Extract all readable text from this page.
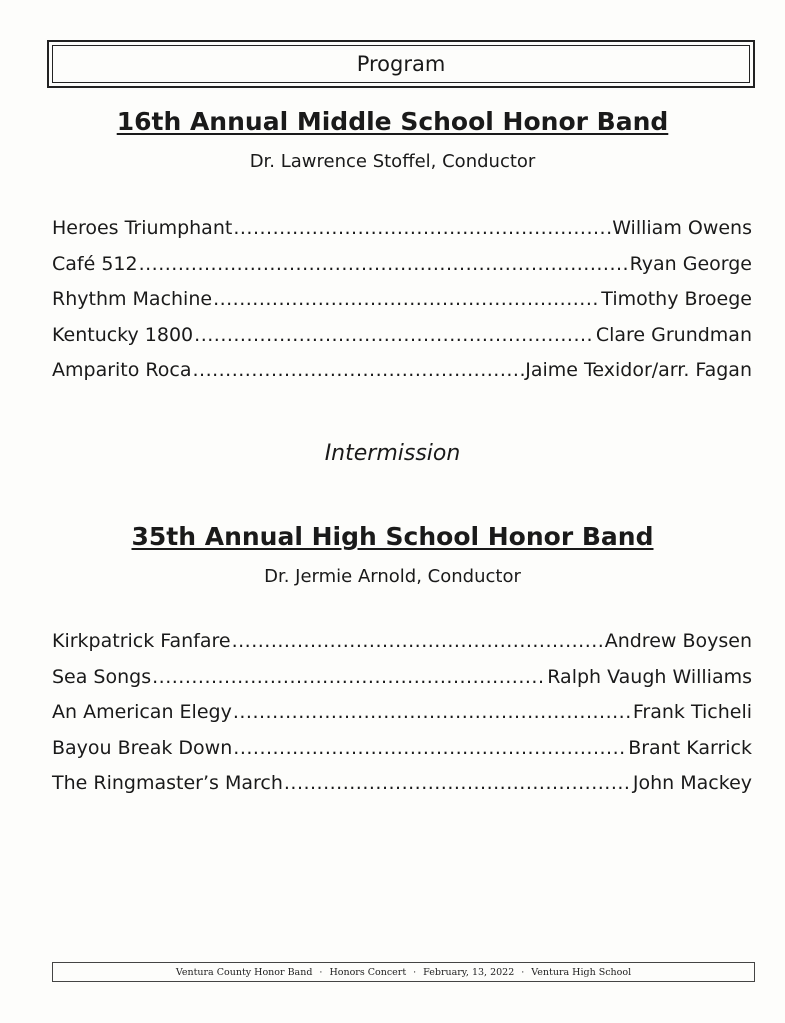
Program
16th Annual Middle School Honor Band
Dr. Lawrence Stoffel, Conductor
Heroes Triumphant .....	William Owens
Café 512 .....	Ryan George
Rhythm Machine .....	Timothy Broege
Kentucky 1800 .....	Clare Grundman
Amparito Roca .....	Jaime Texidor/arr. Fagan
Intermission
35th Annual High School Honor Band
Dr. Jermie Arnold, Conductor
Kirkpatrick Fanfare .....	Andrew Boysen
Sea Songs .....	Ralph Vaugh Williams
An American Elegy .....	Frank Ticheli
Bayou Break Down .....	Brant Karrick
The Ringmaster’s March .....	John Mackey
Ventura County Honor Band · Honors Concert · February, 13, 2022 · Ventura High School
